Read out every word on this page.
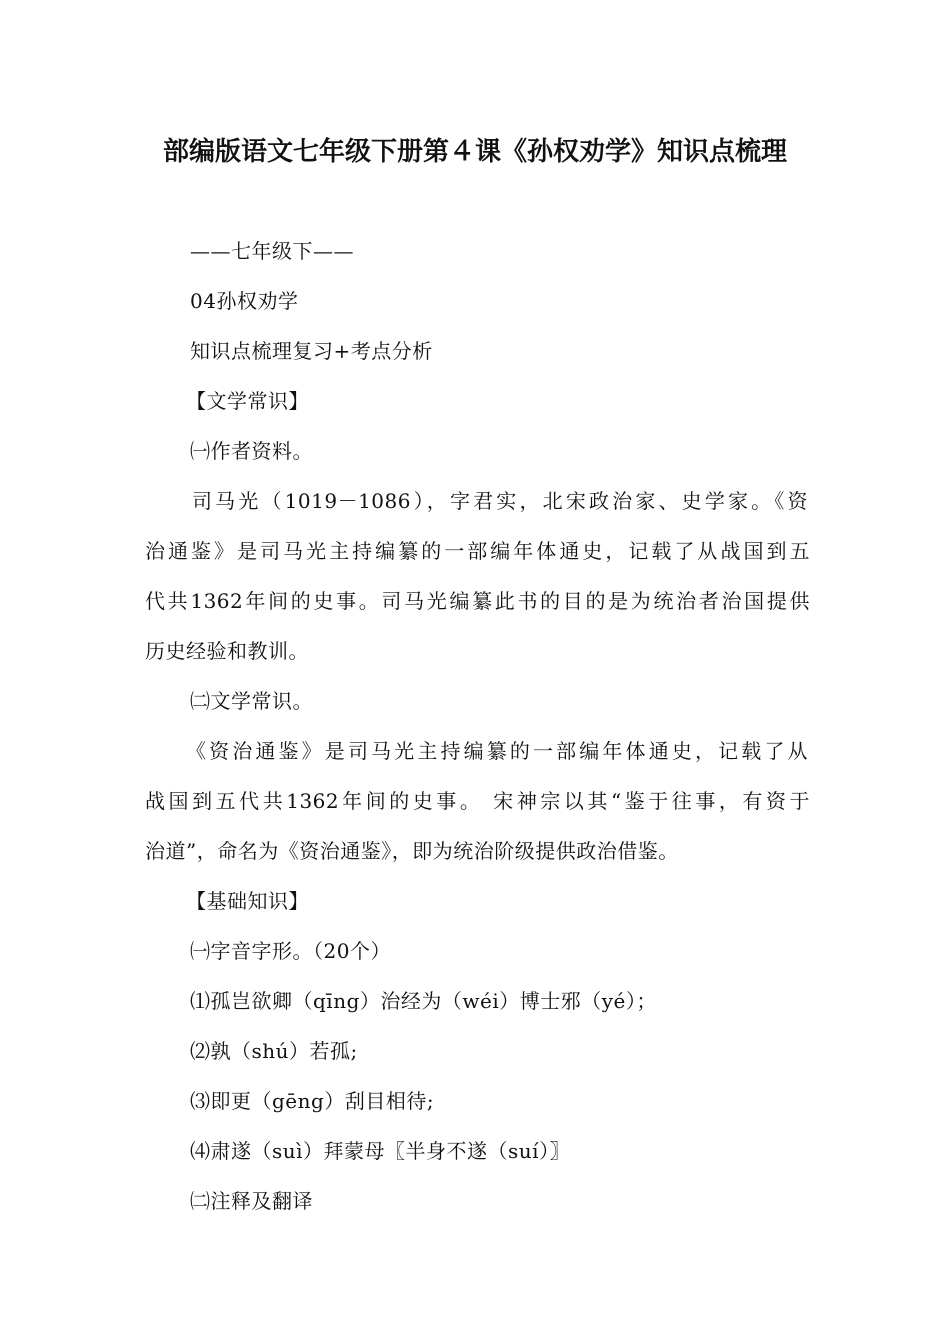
部编版语文七年级下册第４课《孙权劝学》知识点梳理

——七年级下——

04孙权劝学

知识点梳理复习+考点分析

【文学常识】

㈠作者资料。

司马光（1019－1086），字君实，北宋政治家、史学家。《资

治通鉴》是司马光主持编纂的一部编年体通史，记载了从战国到五

代共1362年间的史事。司马光编纂此书的目的是为统治者治国提供

历史经验和教训。

㈡文学常识。

《资治通鉴》是司马光主持编纂的一部编年体通史，记载了从

战国到五代共1362年间的史事。 宋神宗以其“鉴于往事，有资于

治道”，命名为《资治通鉴》，即为统治阶级提供政治借鉴。

【基础知识】

㈠字音字形。（20个）

⑴孤岂欲卿（qīng）治经为（wéi）博士邪（yé）；

⑵孰（shú）若孤;

⑶即更（gēng）刮目相待;

⑷肃遂（suì）拜蒙母〖半身不遂（suí）〗

㈡注释及翻译
